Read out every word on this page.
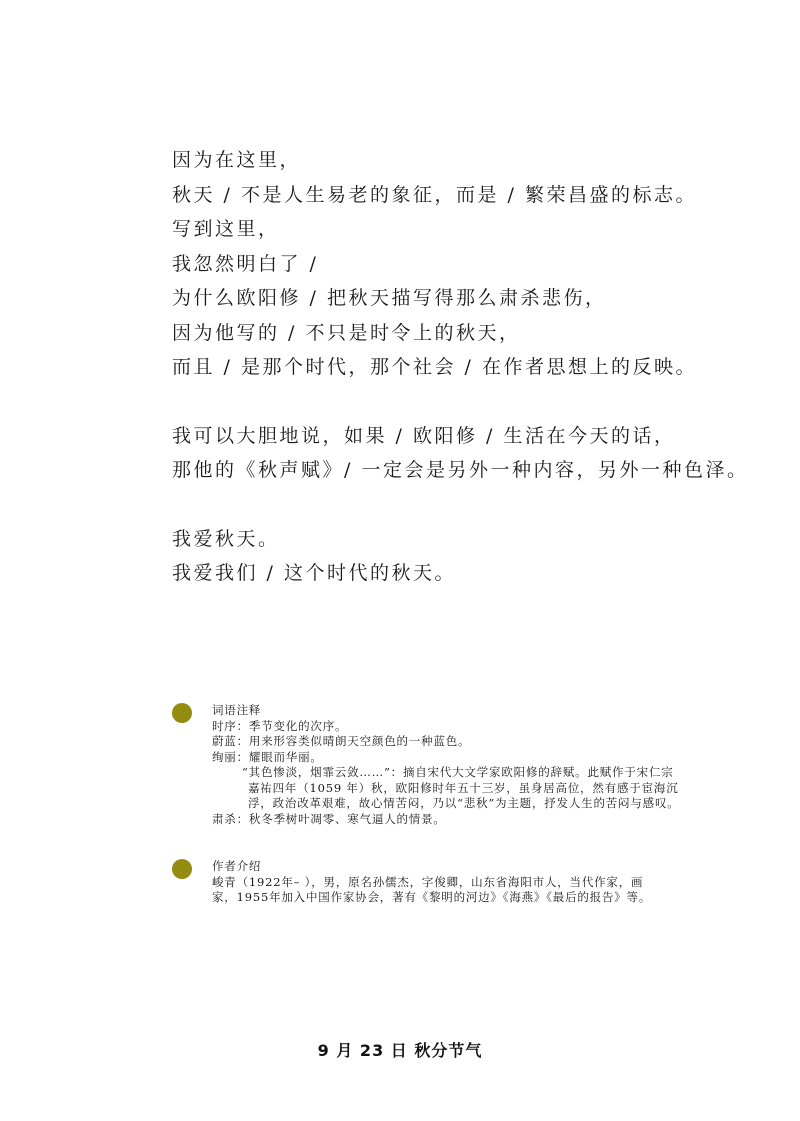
因为在这里，
秋天 / 不是人生易老的象征，而是 / 繁荣昌盛的标志。
写到这里，
我忽然明白了 /
为什么欧阳修 / 把秋天描写得那么肃杀悲伤，
因为他写的 / 不只是时令上的秋天，
而且 / 是那个时代，那个社会 / 在作者思想上的反映。
我可以大胆地说，如果 / 欧阳修 / 生活在今天的话，
那他的《秋声赋》/ 一定会是另外一种内容，另外一种色泽。
我爱秋天。
我爱我们 / 这个时代的秋天。
词语注释
时序：季节变化的次序。
蔚蓝：用来形容类似晴朗天空颜色的一种蓝色。
绚丽：耀眼而华丽。
“其色惨淡，烟霏云敛……”：摘自宋代大文学家欧阳修的辞赋。此赋作于宋仁宗嘉祐四年（1059 年）秋，欧阳修时年五十三岁，虽身居高位，然有感于宦海沉浮，政治改革艰难，故心情苦闷，乃以“悲秋”为主题，抒发人生的苦闷与感叹。
肃杀：秋冬季树叶凋零、寒气逼人的情景。
作者介绍
峻青（1922年– ），男，原名孙儒杰，字俊卿，山东省海阳市人，当代作家，画家，1955年加入中国作家协会，著有《黎明的河边》《海燕》《最后的报告》等。
9 月 23 日 秋分节气
